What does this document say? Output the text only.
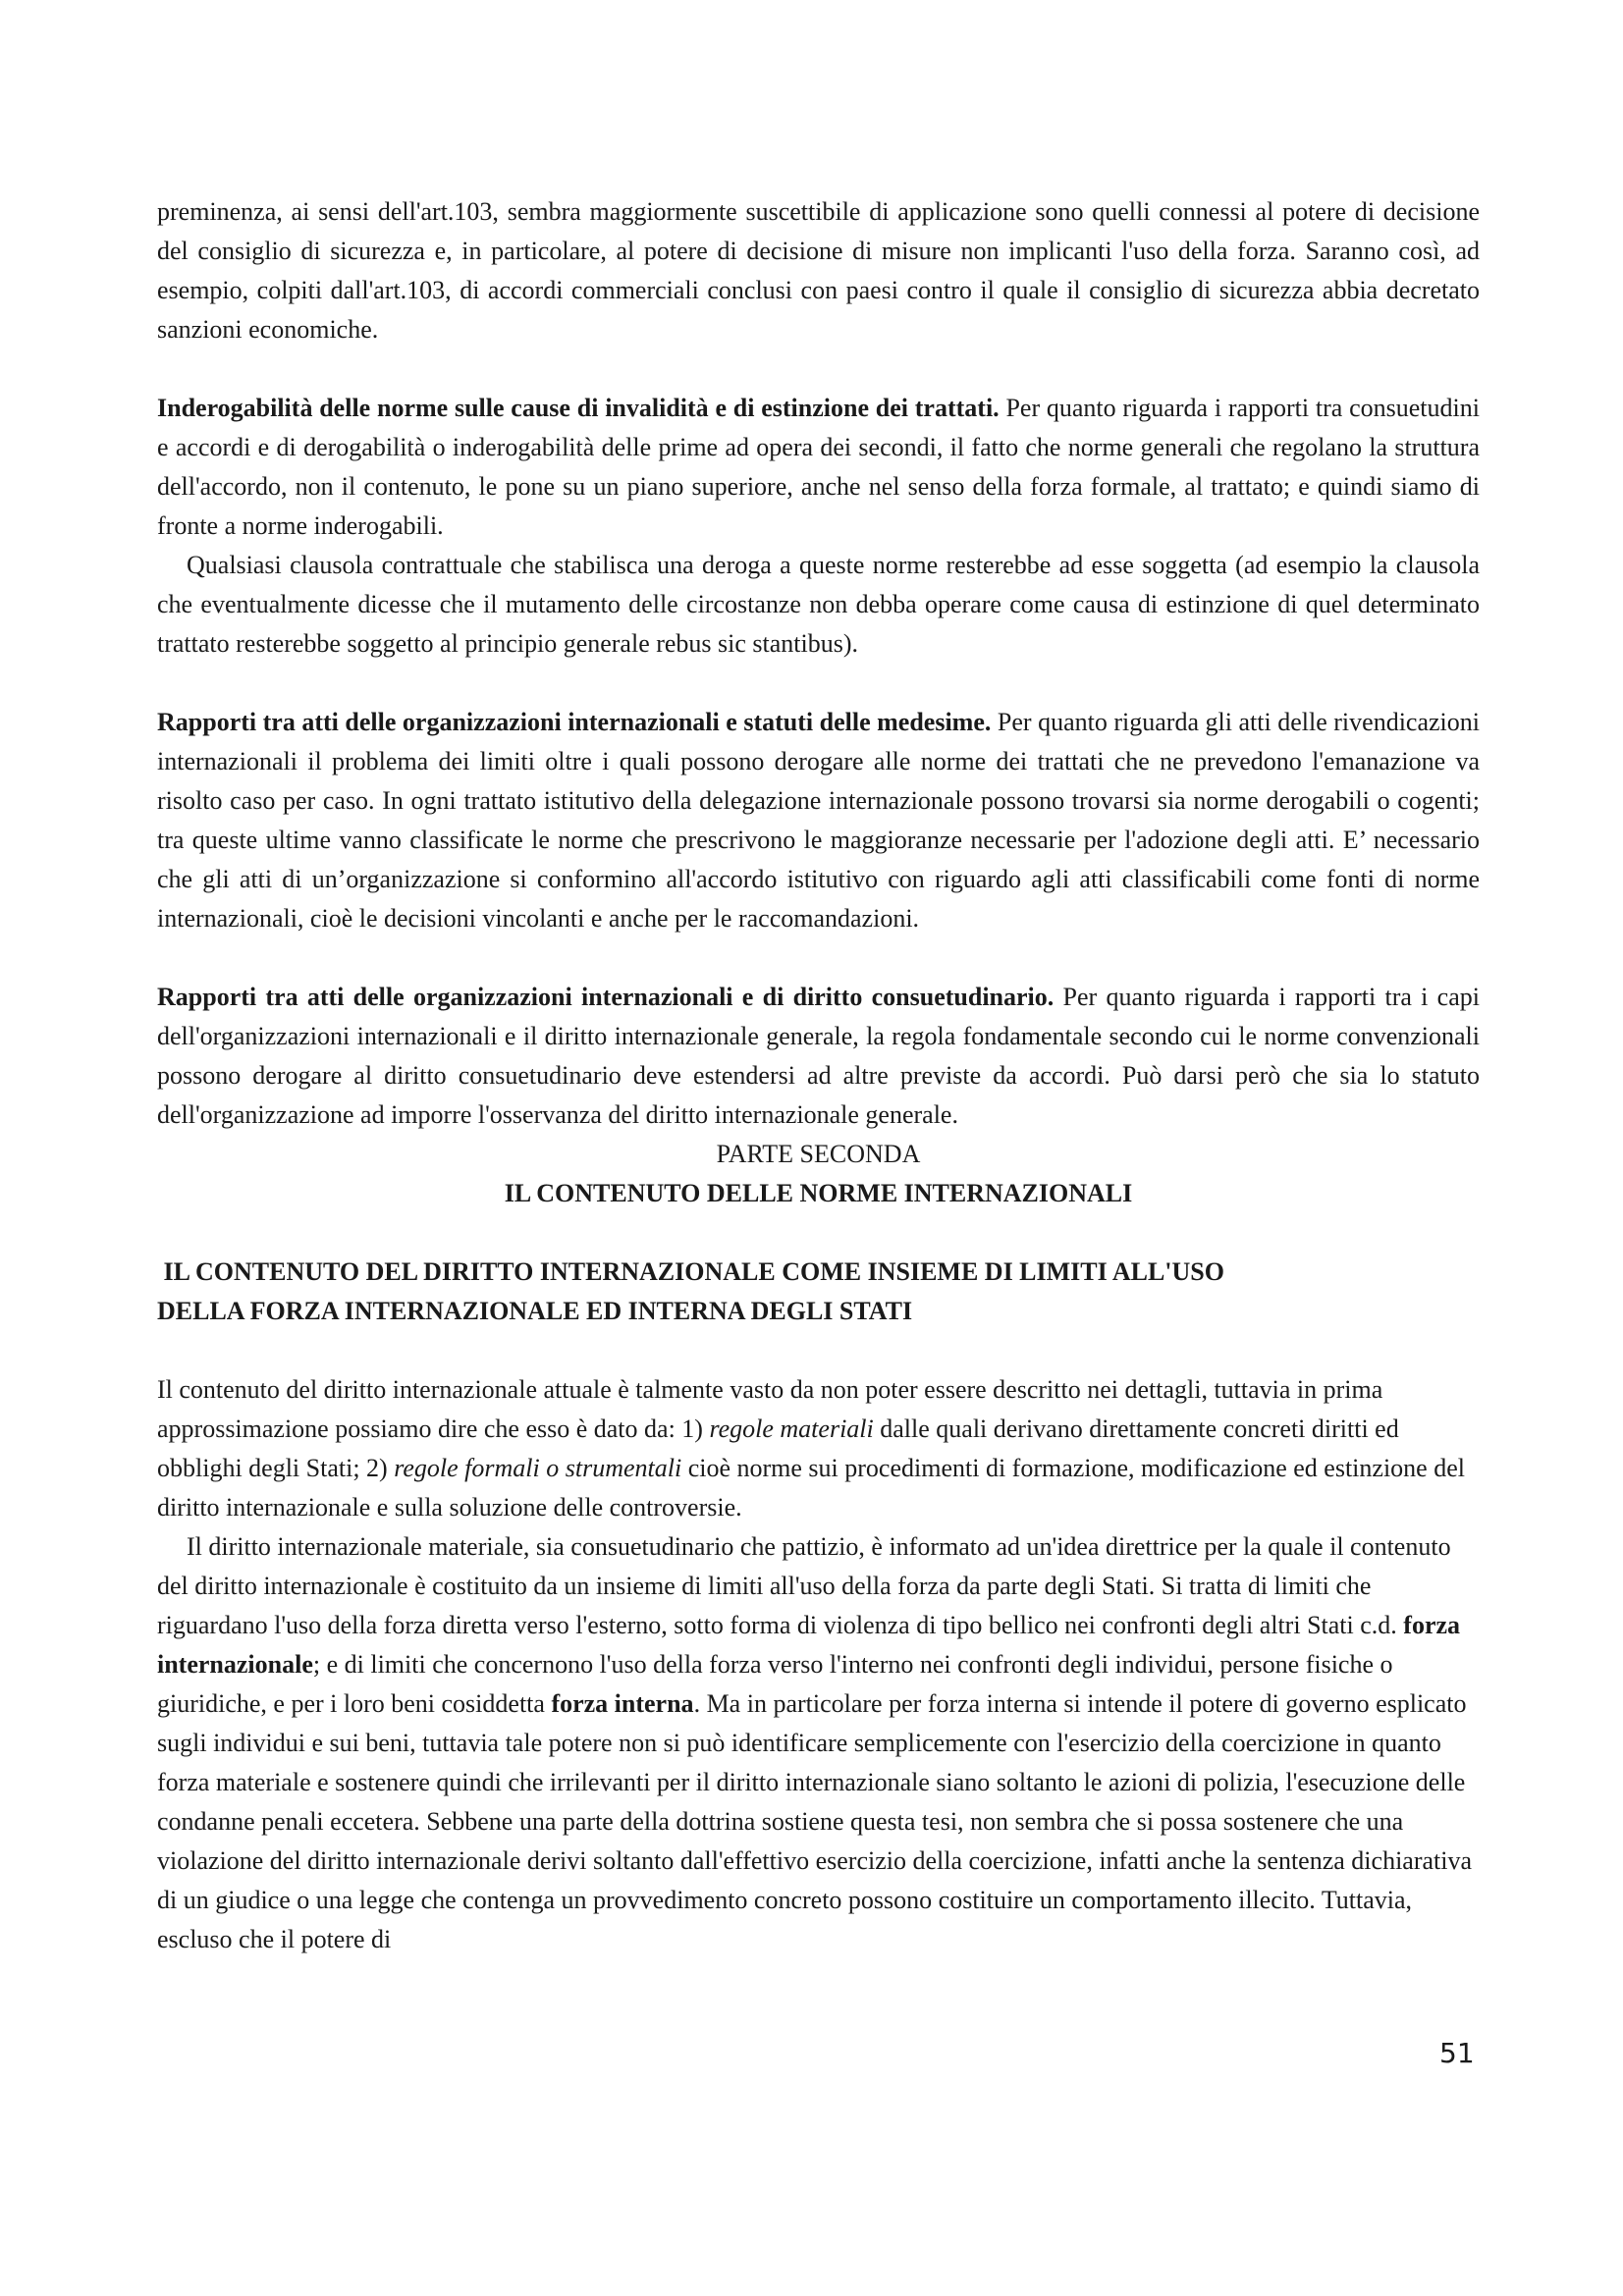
preminenza, ai sensi dell'art.103, sembra maggiormente suscettibile di applicazione sono quelli connessi al potere di decisione del consiglio di sicurezza e, in particolare, al potere di decisione di misure non implicanti l'uso della forza. Saranno così, ad esempio, colpiti dall'art.103, di accordi commerciali conclusi con paesi contro il quale il consiglio di sicurezza abbia decretato sanzioni economiche.

Inderogabilità delle norme sulle cause di invalidità e di estinzione dei trattati. Per quanto riguarda i rapporti tra consuetudini e accordi e di derogabilità o inderogabilità delle prime ad opera dei secondi, il fatto che norme generali che regolano la struttura dell'accordo, non il contenuto, le pone su un piano superiore, anche nel senso della forza formale, al trattato; e quindi siamo di fronte a norme inderogabili.

Qualsiasi clausola contrattuale che stabilisca una deroga a queste norme resterebbe ad esse soggetta (ad esempio la clausola che eventualmente dicesse che il mutamento delle circostanze non debba operare come causa di estinzione di quel determinato trattato resterebbe soggetto al principio generale rebus sic stantibus).

Rapporti tra atti delle organizzazioni internazionali e statuti delle medesime. Per quanto riguarda gli atti delle rivendicazioni internazionali il problema dei limiti oltre i quali possono derogare alle norme dei trattati che ne prevedono l'emanazione va risolto caso per caso. In ogni trattato istitutivo della delegazione internazionale possono trovarsi sia norme derogabili o cogenti; tra queste ultime vanno classificate le norme che prescrivono le maggioranze necessarie per l'adozione degli atti. E’ necessario che gli atti di un’organizzazione si conformino all'accordo istitutivo con riguardo agli atti classificabili come fonti di norme internazionali, cioè le decisioni vincolanti e anche per le raccomandazioni.

Rapporti tra atti delle organizzazioni internazionali e di diritto consuetudinario. Per quanto riguarda i rapporti tra i capi dell'organizzazioni internazionali e il diritto internazionale generale, la regola fondamentale secondo cui le norme convenzionali possono derogare al diritto consuetudinario deve estendersi ad altre previste da accordi. Può darsi però che sia lo statuto dell'organizzazione ad imporre l'osservanza del diritto internazionale generale.

PARTE SECONDA

IL CONTENUTO DELLE NORME INTERNAZIONALI

IL CONTENUTO DEL DIRITTO INTERNAZIONALE COME INSIEME DI LIMITI ALL'USO

DELLA FORZA INTERNAZIONALE ED INTERNA DEGLI STATI

Il contenuto del diritto internazionale attuale è talmente vasto da non poter essere descritto nei dettagli, tuttavia in prima approssimazione possiamo dire che esso è dato da: 1) regole materiali dalle quali derivano direttamente concreti diritti ed obblighi degli Stati; 2) regole formali o strumentali cioè norme sui procedimenti di formazione, modificazione ed estinzione del diritto internazionale e sulla soluzione delle controversie.

Il diritto internazionale materiale, sia consuetudinario che pattizio, è informato ad un'idea direttrice per la quale il contenuto del diritto internazionale è costituito da un insieme di limiti all'uso della forza da parte degli Stati. Si tratta di limiti che riguardano l'uso della forza diretta verso l'esterno, sotto forma di violenza di tipo bellico nei confronti degli altri Stati c.d. forza internazionale; e di limiti che concernono l'uso della forza verso l'interno nei confronti degli individui, persone fisiche o giuridiche, e per i loro beni cosiddetta forza interna. Ma in particolare per forza interna si intende il potere di governo esplicato sugli individui e sui beni, tuttavia tale potere non si può identificare semplicemente con l'esercizio della coercizione in quanto forza materiale e sostenere quindi che irrilevanti per il diritto internazionale siano soltanto le azioni di polizia, l'esecuzione delle condanne penali eccetera. Sebbene una parte della dottrina sostiene questa tesi, non sembra che si possa sostenere che una violazione del diritto internazionale derivi soltanto dall'effettivo esercizio della coercizione, infatti anche la sentenza dichiarativa di un giudice o una legge che contenga un provvedimento concreto possono costituire un comportamento illecito. Tuttavia, escluso che il potere di

51
